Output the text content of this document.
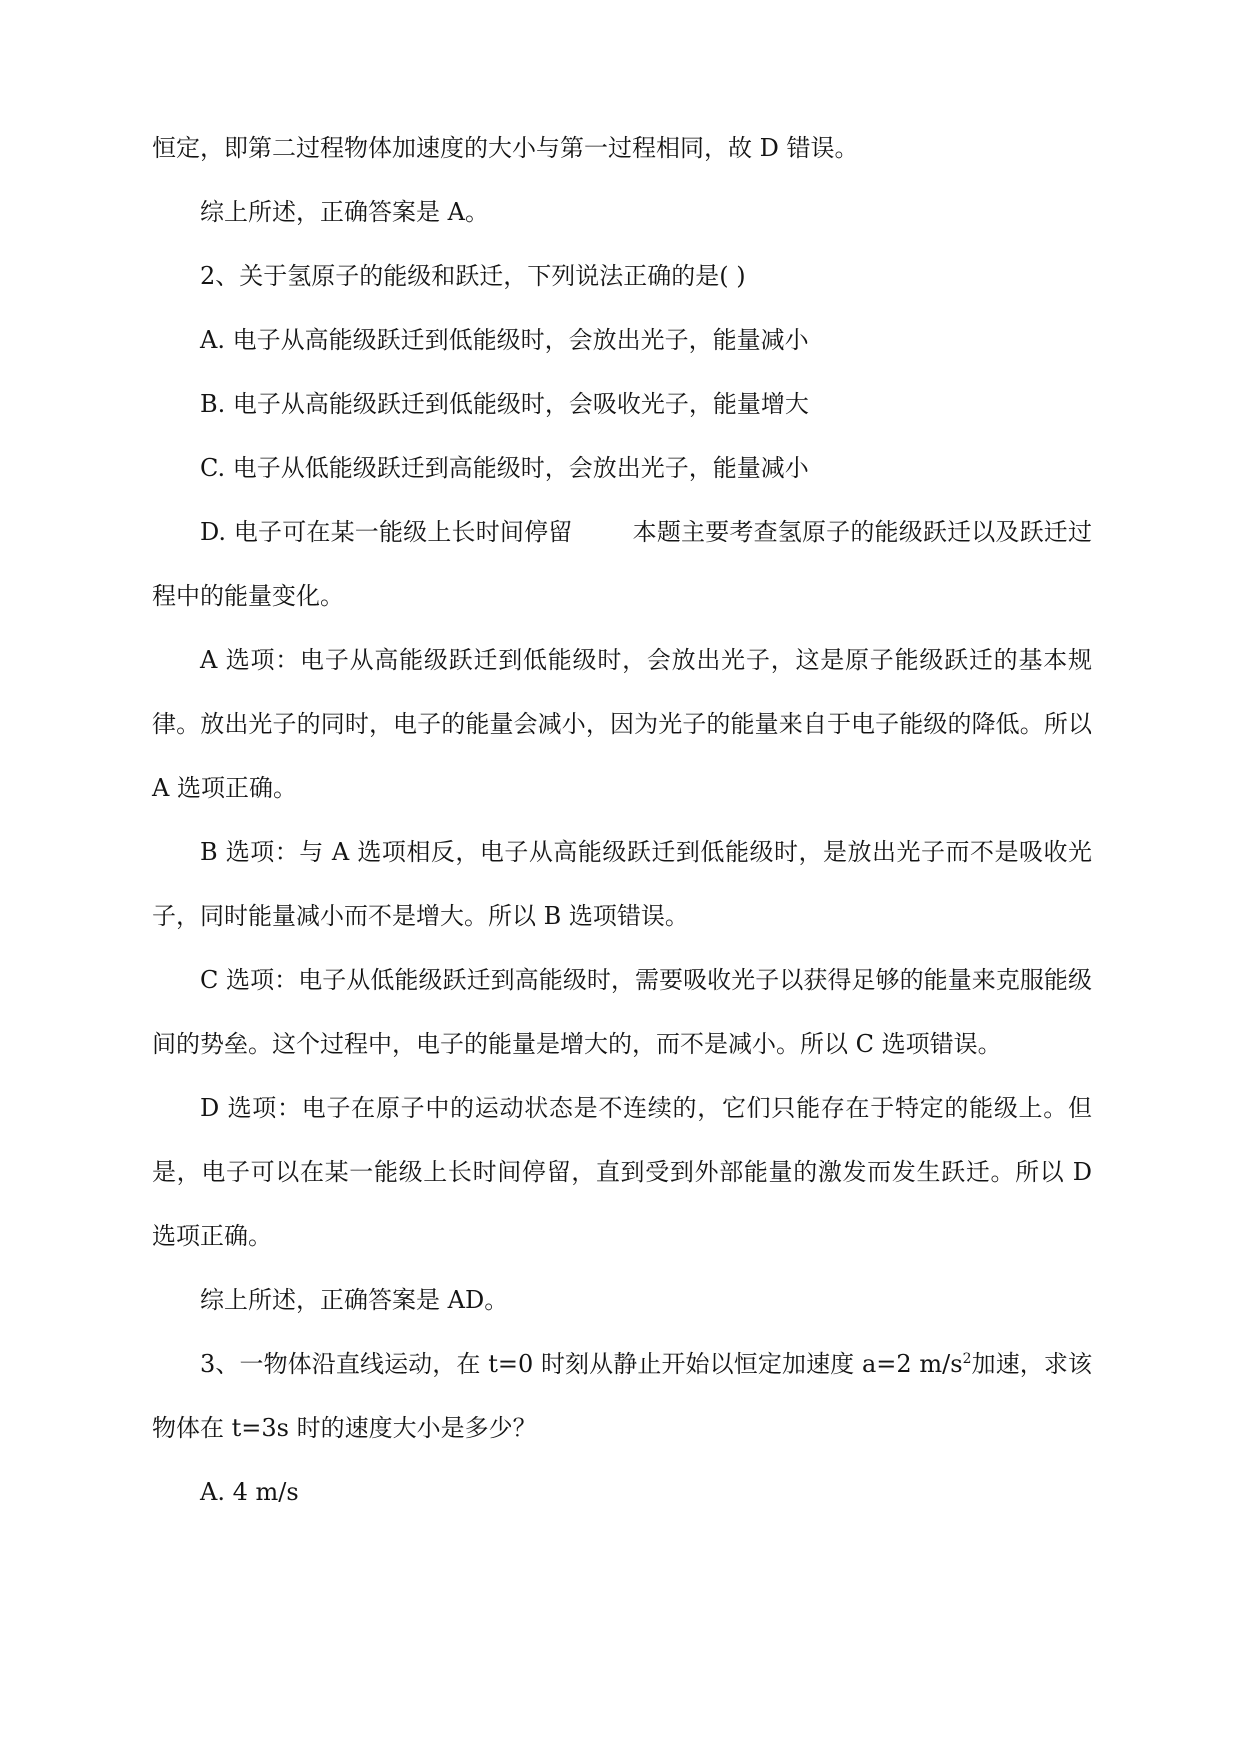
恒定，即第二过程物体加速度的大小与第一过程相同，故 D 错误。

综上所述，正确答案是 A。

2、关于氢原子的能级和跃迁，下列说法正确的是( )

A. 电子从高能级跃迁到低能级时，会放出光子，能量减小

B. 电子从高能级跃迁到低能级时，会吸收光子，能量增大

C. 电子从低能级跃迁到高能级时，会放出光子，能量减小

D. 电子可在某一能级上长时间停留	本题主要考查氢原子的能级跃迁以及跃迁过程中的能量变化。

A 选项：电子从高能级跃迁到低能级时，会放出光子，这是原子能级跃迁的基本规律。放出光子的同时，电子的能量会减小，因为光子的能量来自于电子能级的降低。所以 A 选项正确。

B 选项：与 A 选项相反，电子从高能级跃迁到低能级时，是放出光子而不是吸收光子，同时能量减小而不是增大。所以 B 选项错误。

C 选项：电子从低能级跃迁到高能级时，需要吸收光子以获得足够的能量来克服能级间的势垒。这个过程中，电子的能量是增大的，而不是减小。所以 C 选项错误。

D 选项：电子在原子中的运动状态是不连续的，它们只能存在于特定的能级上。但是，电子可以在某一能级上长时间停留，直到受到外部能量的激发而发生跃迁。所以 D 选项正确。

综上所述，正确答案是 AD。

3、一物体沿直线运动，在 t=0 时刻从静止开始以恒定加速度 a=2 $m/s^2$加速，求该物体在 t=3s 时的速度大小是多少？

A. 4 m/s
